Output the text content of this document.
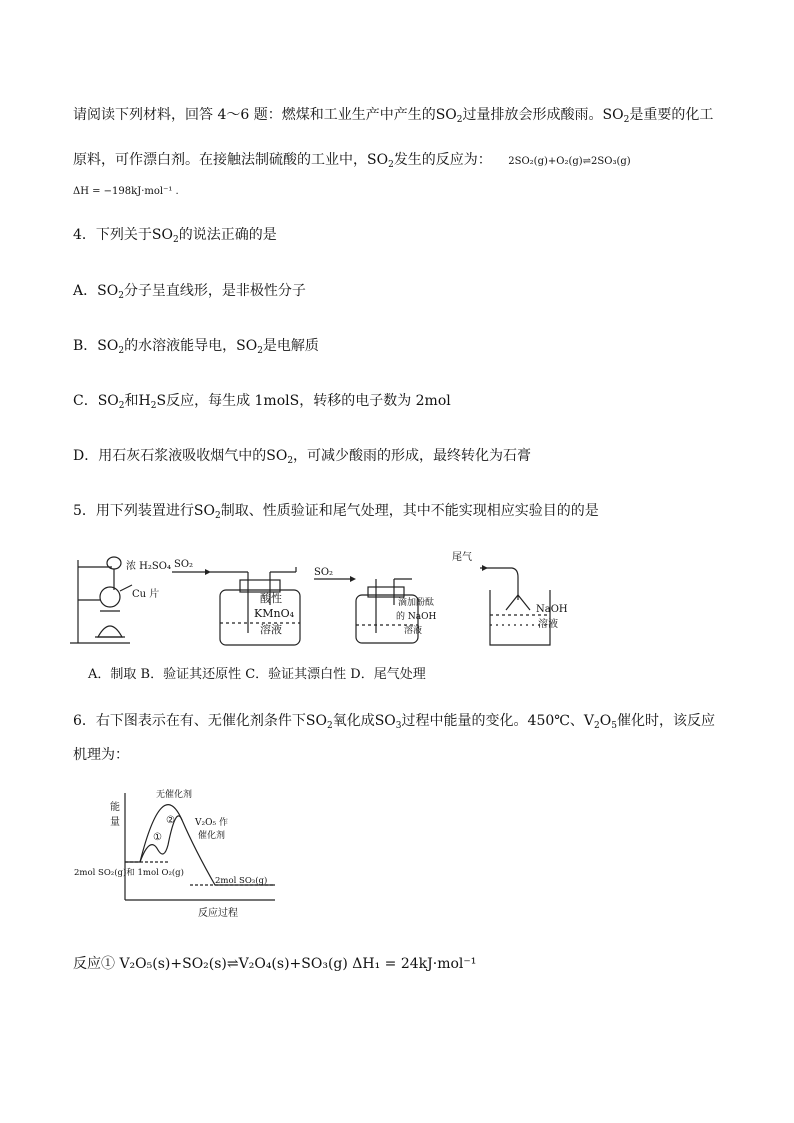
请阅读下列材料，回答 4～6 题：燃煤和工业生产中产生的$SO_2$过量排放会形成酸雨。$SO_2$是重要的化工
原料，可作漂白剂。在接触法制硫酸的工业中，$SO_2$发生的反应为： 2SO₂(g)+O₂(g)⇌2SO₃(g)
ΔH = −198kJ·mol⁻¹ .
4．下列关于$SO_2$的说法正确的是
A．$SO_2$分子呈直线形，是非极性分子
B．$SO_2$的水溶液能导电，$SO_2$是电解质
C．$SO_2$和$H_2S$反应，每生成 1molS，转移的电子数为 2mol
D．用石灰石浆液吸收烟气中的$SO_2$，可减少酸雨的形成，最终转化为石膏
5．用下列装置进行$SO_2$制取、性质验证和尾气处理，其中不能实现相应实验目的的是
浓 H₂SO₄
Cu 片
SO₂
酸性
KMnO₄
溶液
SO₂
滴加酚酞
的 NaOH
溶液
尾气
NaOH
溶液
A．制取 B．验证其还原性 C．验证其漂白性 D．尾气处理
6．右下图表示在有、无催化剂条件下$SO_2$氧化成$SO_3$过程中能量的变化。450℃、$V_2O_5$催化时，该反应
机理为：
能
量
无催化剂
V₂O₅ 作
催化剂
①
②
2mol SO₂(g)和 1mol O₂(g)
2mol SO₃(g)
反应过程
反应① V₂O₅(s)+SO₂(s)⇌V₂O₄(s)+SO₃(g) ΔH₁ = 24kJ·mol⁻¹
